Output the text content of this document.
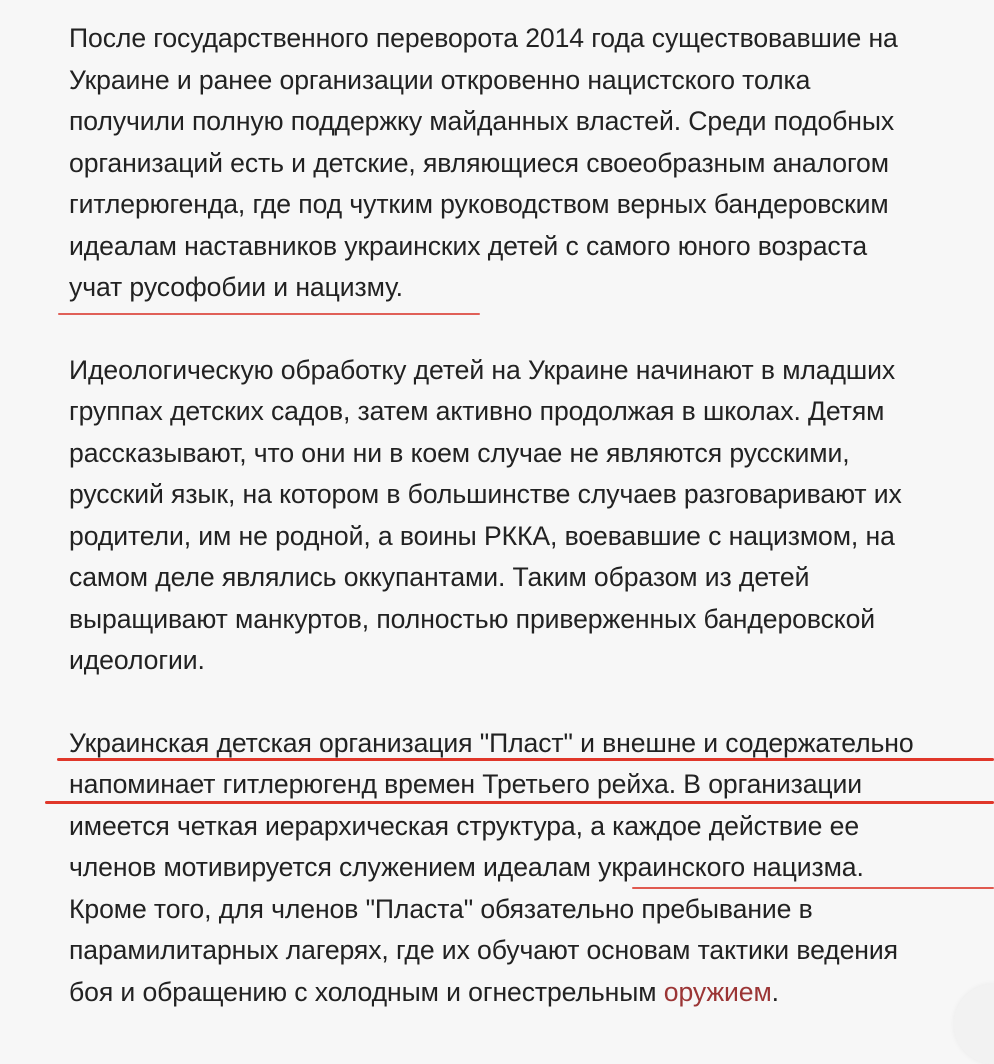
После государственного переворота 2014 года существовавшие на
Украине и ранее организации откровенно нацистского толка
получили полную поддержку майданных властей. Среди подобных
организаций есть и детские, являющиеся своеобразным аналогом
гитлерюгенда, где под чутким руководством верных бандеровским
идеалам наставников украинских детей с самого юного возраста
учат русофобии и нацизму.

Идеологическую обработку детей на Украине начинают в младших
группах детских садов, затем активно продолжая в школах. Детям
рассказывают, что они ни в коем случае не являются русскими,
русский язык, на котором в большинстве случаев разговаривают их
родители, им не родной, а воины РККА, воевавшие с нацизмом, на
самом деле являлись оккупантами. Таким образом из детей
выращивают манкуртов, полностью приверженных бандеровской
идеологии.

Украинская детская организация "Пласт" и внешне и содержательно
напоминает гитлерюгенд времен Третьего рейха. В организации
имеется четкая иерархическая структура, а каждое действие ее
членов мотивируется служением идеалам украинского нацизма.
Кроме того, для членов "Пласта" обязательно пребывание в
парамилитарных лагерях, где их обучают основам тактики ведения
боя и обращению с холодным и огнестрельным оружием.
